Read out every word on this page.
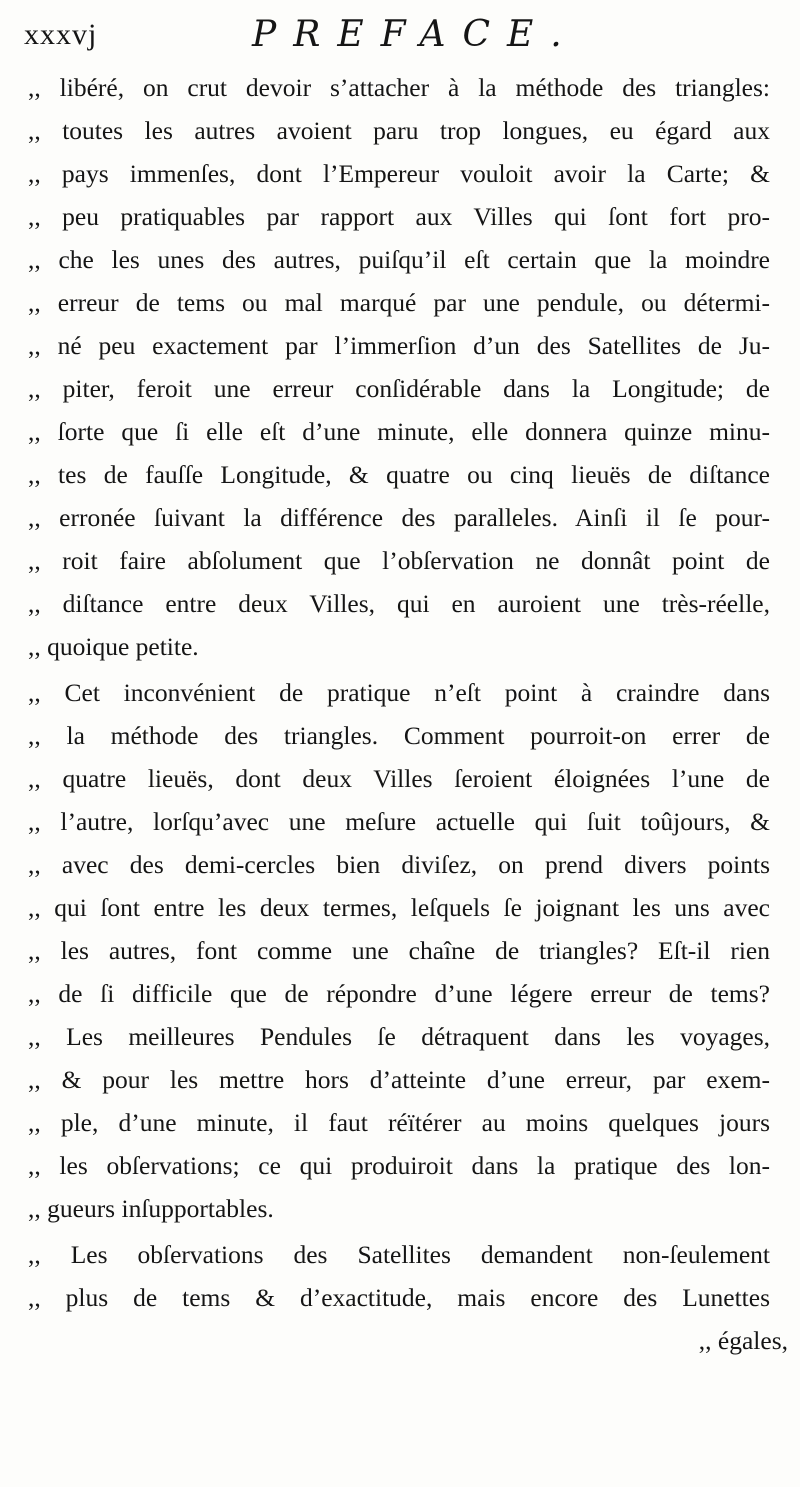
xxxvj	PREFACE.
,, libéré, on crut devoir s’attacher à la méthode des triangles:
,, toutes les autres avoient paru trop longues, eu égard aux
,, pays immenſes, dont l’Empereur vouloit avoir la Carte; &
,, peu pratiquables par rapport aux Villes qui ſont fort pro-
,, che les unes des autres, puiſqu’il eſt certain que la moindre
,, erreur de tems ou mal marqué par une pendule, ou détermi-
,, né peu exactement par l’immerſion d’un des Satellites de Ju-
,, piter, feroit une erreur conſidérable dans la Longitude; de
,, ſorte que ſi elle eſt d’une minute, elle donnera quinze minu-
,, tes de fauſſe Longitude, & quatre ou cinq lieuës de diſtance
,, erronée ſuivant la différence des paralleles. Ainſi il ſe pour-
,, roit faire abſolument que l’obſervation ne donnât point de
,, diſtance entre deux Villes, qui en auroient une très-réelle,
,, quoique petite.
,, Cet inconvénient de pratique n’eſt point à craindre dans
,, la méthode des triangles. Comment pourroit-on errer de
,, quatre lieuës, dont deux Villes ſeroient éloignées l’une de
,, l’autre, lorſqu’avec une meſure actuelle qui ſuit toûjours, &
,, avec des demi-cercles bien diviſez, on prend divers points
,, qui ſont entre les deux termes, leſquels ſe joignant les uns avec
,, les autres, font comme une chaîne de triangles? Eſt-il rien
,, de ſi difficile que de répondre d’une légere erreur de tems?
,, Les meilleures Pendules ſe détraquent dans les voyages,
,, & pour les mettre hors d’atteinte d’une erreur, par exem-
,, ple, d’une minute, il faut réïtérer au moins quelques jours
,, les obſervations; ce qui produiroit dans la pratique des lon-
,, gueurs inſupportables.
,, Les obſervations des Satellites demandent non-ſeulement
,, plus de tems & d’exactitude, mais encore des Lunettes
,, égales,
